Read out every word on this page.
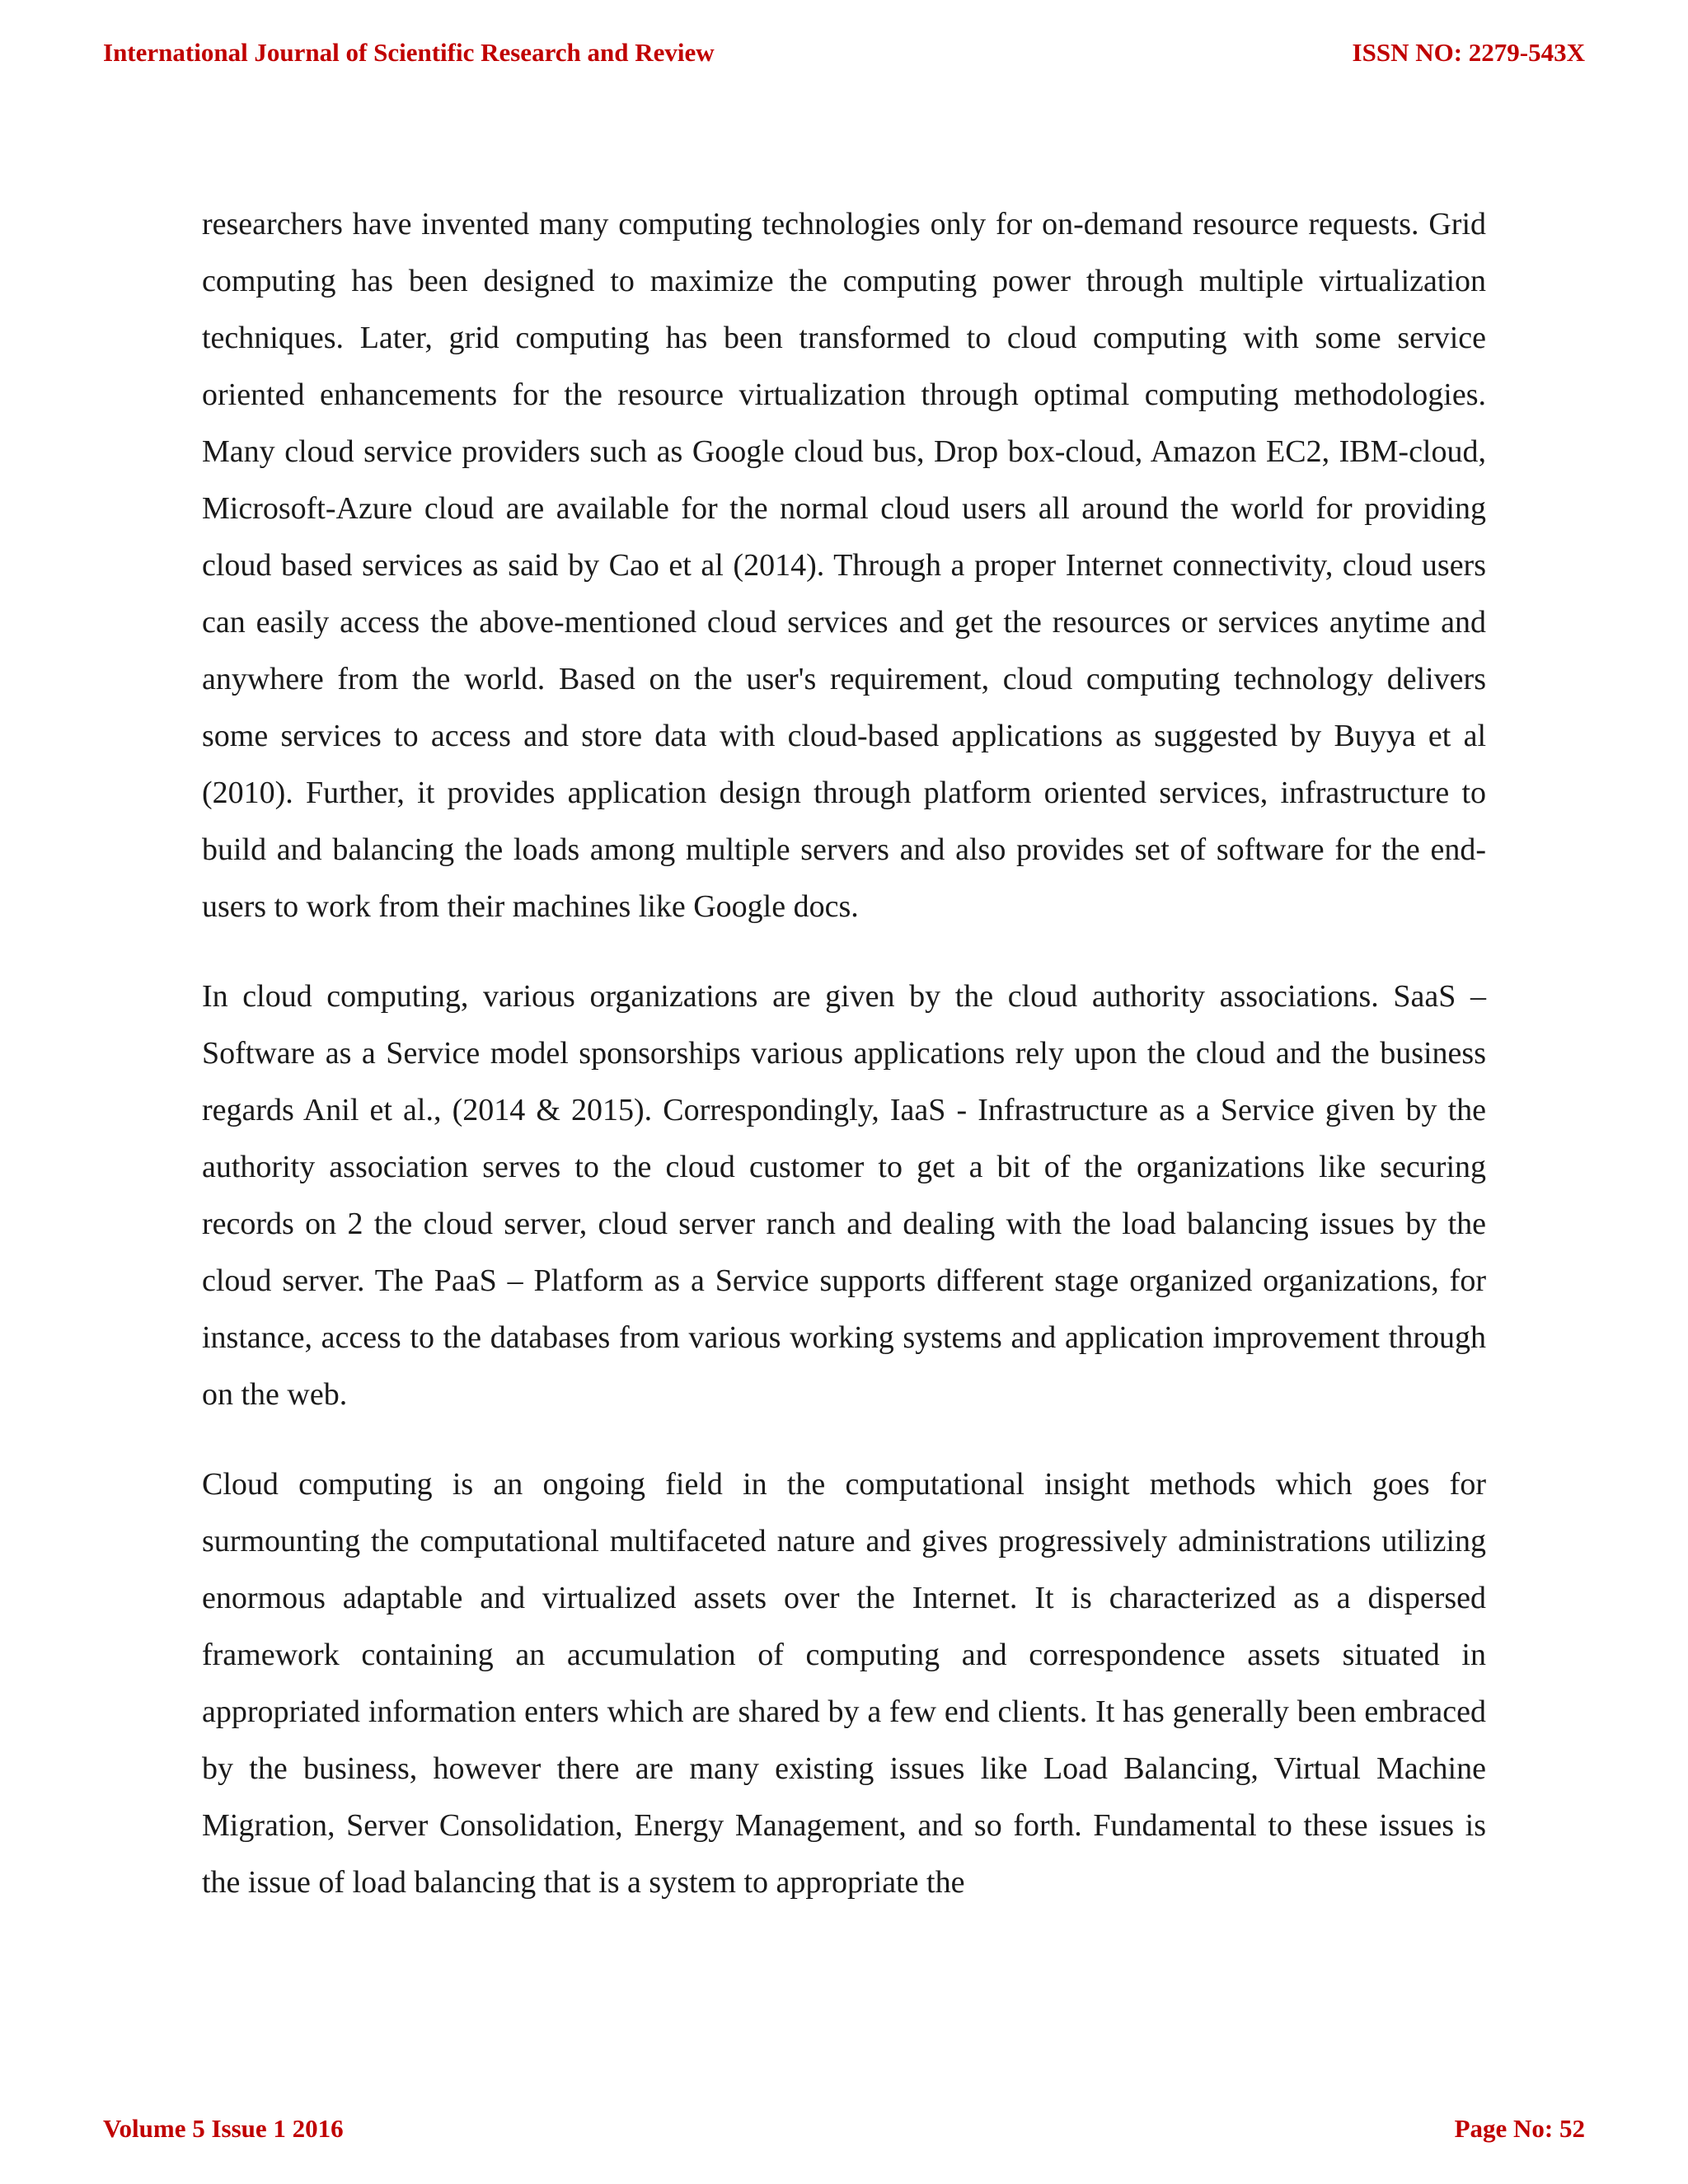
International Journal of Scientific Research and Review	ISSN NO: 2279-543X

researchers have invented many computing technologies only for on-demand resource requests. Grid computing has been designed to maximize the computing power through multiple virtualization techniques. Later, grid computing has been transformed to cloud computing with some service oriented enhancements for the resource virtualization through optimal computing methodologies. Many cloud service providers such as Google cloud bus, Drop box-cloud, Amazon EC2, IBM-cloud, Microsoft-Azure cloud are available for the normal cloud users all around the world for providing cloud based services as said by Cao et al (2014). Through a proper Internet connectivity, cloud users can easily access the above-mentioned cloud services and get the resources or services anytime and anywhere from the world. Based on the user's requirement, cloud computing technology delivers some services to access and store data with cloud-based applications as suggested by Buyya et al (2010). Further, it provides application design through platform oriented services, infrastructure to build and balancing the loads among multiple servers and also provides set of software for the end-users to work from their machines like Google docs.

In cloud computing, various organizations are given by the cloud authority associations. SaaS – Software as a Service model sponsorships various applications rely upon the cloud and the business regards Anil et al., (2014 & 2015). Correspondingly, IaaS - Infrastructure as a Service given by the authority association serves to the cloud customer to get a bit of the organizations like securing records on 2 the cloud server, cloud server ranch and dealing with the load balancing issues by the cloud server. The PaaS – Platform as a Service supports different stage organized organizations, for instance, access to the databases from various working systems and application improvement through on the web.

Cloud computing is an ongoing field in the computational insight methods which goes for surmounting the computational multifaceted nature and gives progressively administrations utilizing enormous adaptable and virtualized assets over the Internet. It is characterized as a dispersed framework containing an accumulation of computing and correspondence assets situated in appropriated information enters which are shared by a few end clients. It has generally been embraced by the business, however there are many existing issues like Load Balancing, Virtual Machine Migration, Server Consolidation, Energy Management, and so forth. Fundamental to these issues is the issue of load balancing that is a system to appropriate the

Volume 5 Issue 1 2016	Page No: 52
